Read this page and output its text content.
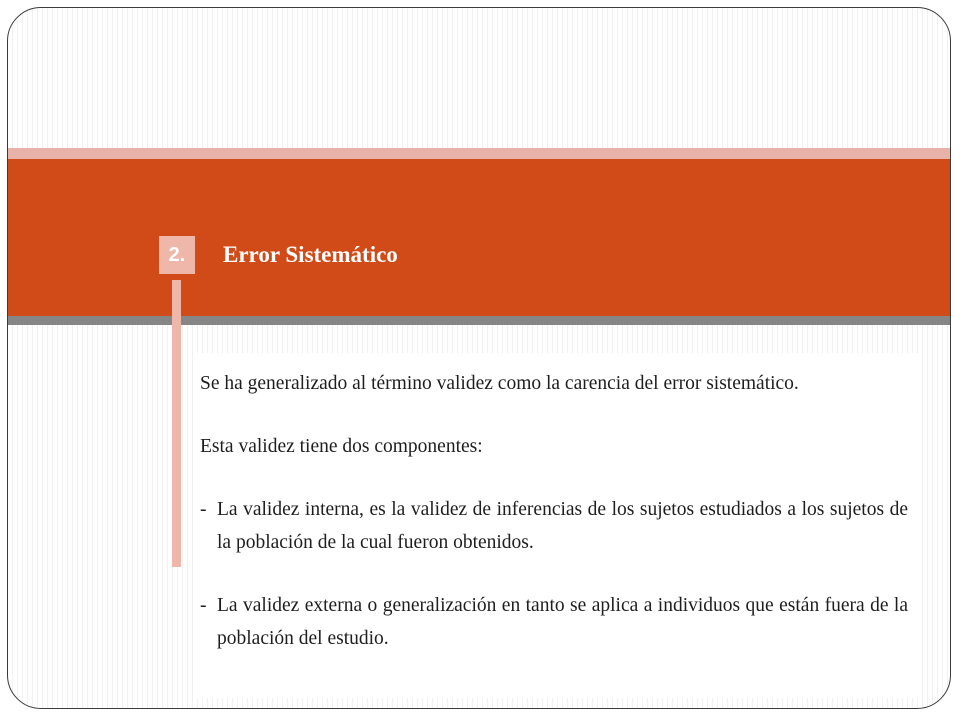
2.	Error Sistemático

Se ha generalizado al término validez como la carencia del error sistemático.

Esta validez tiene dos componentes:

- La validez interna, es la validez de inferencias de los sujetos estudiados a los sujetos de la población de la cual fueron obtenidos.
- La validez externa o generalización en tanto se aplica a individuos que están fuera de la población del estudio.
